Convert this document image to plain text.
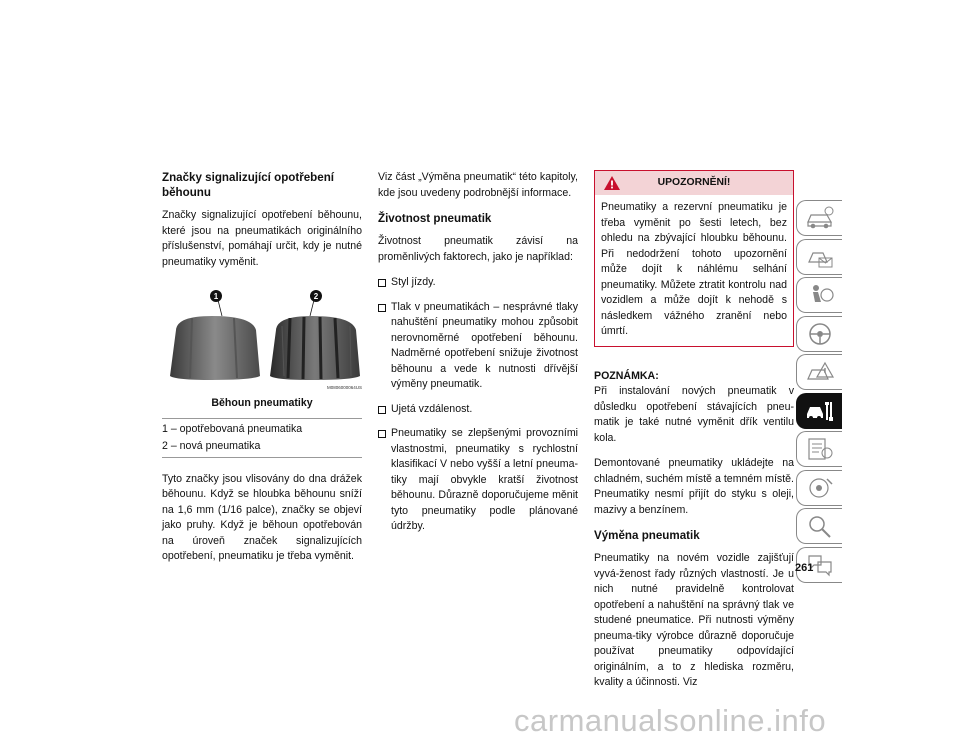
Značky signalizující opotřebení běhounu

Značky signalizující opotřebení běhounu, které jsou na pneumatikách originálního příslušenství, pomáhají určit, kdy je nutné pneumatiky vyměnit.

1	2
M0806000064US
Běhoun pneumatiky
1 – opotřebovaná pneumatika
2 – nová pneumatika

Tyto značky jsou vlisovány do dna drážek běhounu. Když se hloubka běhounu sníží na 1,6 mm (1/16 palce), značky se objeví jako pruhy. Když je běhoun opotřebován na úroveň značek signalizujících opotřebení, pneumatiku je třeba vyměnit.

Viz část „Výměna pneumatik“ této kapitoly, kde jsou uvedeny podrobnější informace.

Životnost pneumatik

Životnost pneumatik závisí na proměnlivých faktorech, jako je například:

Styl jízdy.
Tlak v pneumatikách – nesprávné tlaky nahuštění pneumatiky mohou způsobit nerovnoměrné opotřebení běhounu. Nadměrné opotřebení snižuje životnost běhounu a vede k nutnosti dřívější výměny pneumatik.
Ujetá vzdálenost.
Pneumatiky se zlepšenými provozními vlastnostmi, pneumatiky s rychlostní klasifikací V nebo vyšší a letní pneuma-tiky mají obvykle kratší životnost běhounu. Důrazně doporučujeme měnit tyto pneumatiky podle plánované údržby.
UPOZORNĚNÍ!
Pneumatiky a rezervní pneumatiku je třeba vyměnit po šesti letech, bez ohledu na zbývající hloubku běhounu. Při nedodržení tohoto upozornění může dojít k náhlému selhání pneumatiky. Můžete ztratit kontrolu nad vozidlem a může dojít k nehodě s následkem vážného zranění nebo úmrtí.
POZNÁMKA:

Při instalování nových pneumatik v důsledku opotřebení stávajících pneu-matik je také nutné vyměnit dřík ventilu kola.

Demontované pneumatiky ukládejte na chladném, suchém místě a temném místě. Pneumatiky nesmí přijít do styku s oleji, mazivy a benzínem.

Výměna pneumatik

Pneumatiky na novém vozidle zajišťují vyvá-ženost řady různých vlastností. Je u nich nutné pravidelně kontrolovat opotřebení a nahuštění na správný tlak ve studené pneumatice. Při nutnosti výměny pneuma-tiky výrobce důrazně doporučuje používat pneumatiky odpovídající originálním, a to z hlediska rozměru, kvality a účinnosti. Viz

261
carmanualsonline.info
